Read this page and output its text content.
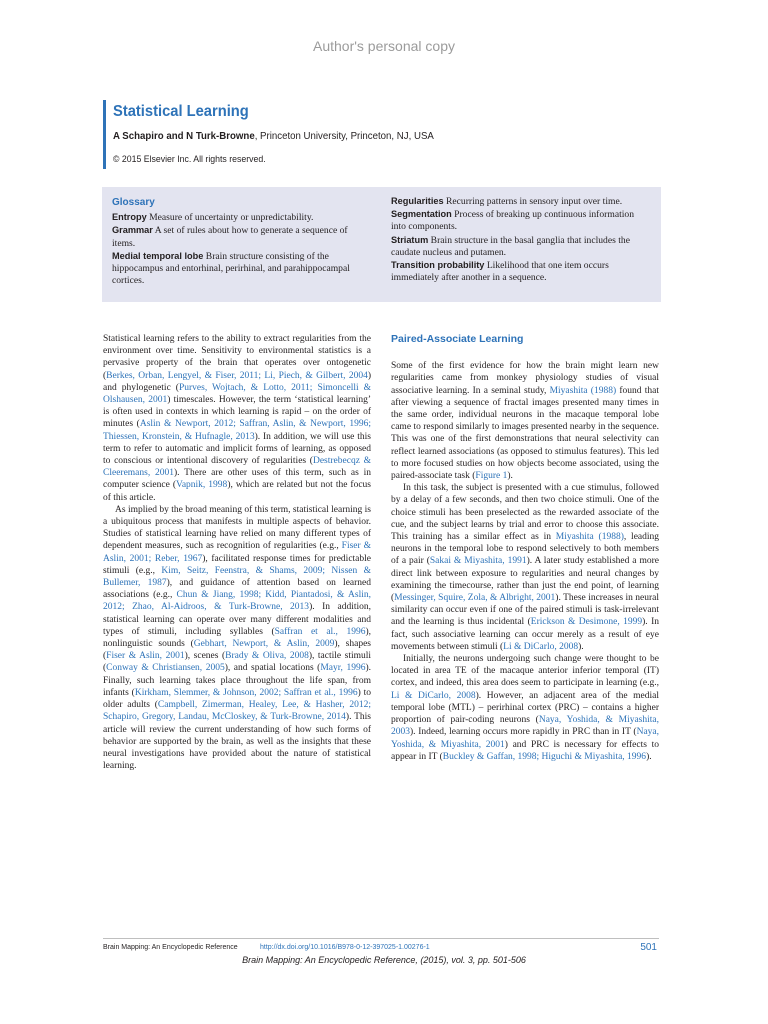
Author's personal copy
Statistical Learning
A Schapiro and N Turk-Browne, Princeton University, Princeton, NJ, USA
© 2015 Elsevier Inc. All rights reserved.
Glossary
Entropy Measure of uncertainty or unpredictability.
Grammar A set of rules about how to generate a sequence of items.
Medial temporal lobe Brain structure consisting of the hippocampus and entorhinal, perirhinal, and parahippocampal cortices.
Regularities Recurring patterns in sensory input over time.
Segmentation Process of breaking up continuous information into components.
Striatum Brain structure in the basal ganglia that includes the caudate nucleus and putamen.
Transition probability Likelihood that one item occurs immediately after another in a sequence.

Statistical learning refers to the ability to extract regularities from the environment over time. Sensitivity to environmental statistics is a pervasive property of the brain that operates over ontogenetic (Berkes, Orban, Lengyel, & Fiser, 2011; Li, Piech, & Gilbert, 2004) and phylogenetic (Purves, Wojtach, & Lotto, 2011; Simoncelli & Olshausen, 2001) timescales. However, the term ‘statistical learning’ is often used in contexts in which learning is rapid – on the order of minutes (Aslin & Newport, 2012; Saffran, Aslin, & Newport, 1996; Thiessen, Kronstein, & Hufnagle, 2013). In addition, we will use this term to refer to automatic and implicit forms of learning, as opposed to conscious or intentional discovery of regularities (Destrebecqz & Cleeremans, 2001). There are other uses of this term, such as in computer science (Vapnik, 1998), which are related but not the focus of this article.

As implied by the broad meaning of this term, statistical learning is a ubiquitous process that manifests in multiple aspects of behavior. Studies of statistical learning have relied on many different types of dependent measures, such as recognition of regularities (e.g., Fiser & Aslin, 2001; Reber, 1967), facilitated response times for predictable stimuli (e.g., Kim, Seitz, Feenstra, & Shams, 2009; Nissen & Bullemer, 1987), and guidance of attention based on learned associations (e.g., Chun & Jiang, 1998; Kidd, Piantadosi, & Aslin, 2012; Zhao, Al-Aidroos, & Turk-Browne, 2013). In addition, statistical learning can operate over many different modalities and types of stimuli, including syllables (Saffran et al., 1996), nonlinguistic sounds (Gebhart, Newport, & Aslin, 2009), shapes (Fiser & Aslin, 2001), scenes (Brady & Oliva, 2008), tactile stimuli (Conway & Christiansen, 2005), and spatial locations (Mayr, 1996). Finally, such learning takes place throughout the life span, from infants (Kirkham, Slemmer, & Johnson, 2002; Saffran et al., 1996) to older adults (Campbell, Zimerman, Healey, Lee, & Hasher, 2012; Schapiro, Gregory, Landau, McCloskey, & Turk-Browne, 2014). This article will review the current understanding of how such forms of behavior are supported by the brain, as well as the insights that these neural investigations have provided about the nature of statistical learning.

Paired-Associate Learning

Some of the first evidence for how the brain might learn new regularities came from monkey physiology studies of visual associative learning. In a seminal study, Miyashita (1988) found that after viewing a sequence of fractal images presented many times in the same order, individual neurons in the macaque temporal lobe came to respond similarly to images presented nearby in the sequence. This was one of the first demonstrations that neural selectivity can reflect learned associations (as opposed to stimulus features). This led to more focused studies on how objects become associated, using the paired-associate task (Figure 1).

In this task, the subject is presented with a cue stimulus, followed by a delay of a few seconds, and then two choice stimuli. One of the choice stimuli has been preselected as the rewarded associate of the cue, and the subject learns by trial and error to choose this associate. This training has a similar effect as in Miyashita (1988), leading neurons in the temporal lobe to respond selectively to both members of a pair (Sakai & Miyashita, 1991). A later study established a more direct link between exposure to regularities and neural changes by examining the timecourse, rather than just the end point, of learning (Messinger, Squire, Zola, & Albright, 2001). These increases in neural similarity can occur even if one of the paired stimuli is task-irrelevant and the learning is thus incidental (Erickson & Desimone, 1999). In fact, such associative learning can occur merely as a result of eye movements between stimuli (Li & DiCarlo, 2008).

Initially, the neurons undergoing such change were thought to be located in area TE of the macaque anterior inferior temporal (IT) cortex, and indeed, this area does seem to participate in learning (e.g., Li & DiCarlo, 2008). However, an adjacent area of the medial temporal lobe (MTL) – perirhinal cortex (PRC) – contains a higher proportion of pair-coding neurons (Naya, Yoshida, & Miyashita, 2003). Indeed, learning occurs more rapidly in PRC than in IT (Naya, Yoshida, & Miyashita, 2001) and PRC is necessary for effects to appear in IT (Buckley & Gaffan, 1998; Higuchi & Miyashita, 1996).

Brain Mapping: An Encyclopedic Reference	http://dx.doi.org/10.1016/B978-0-12-397025-1.00276-1	501
Brain Mapping: An Encyclopedic Reference, (2015), vol. 3, pp. 501-506
